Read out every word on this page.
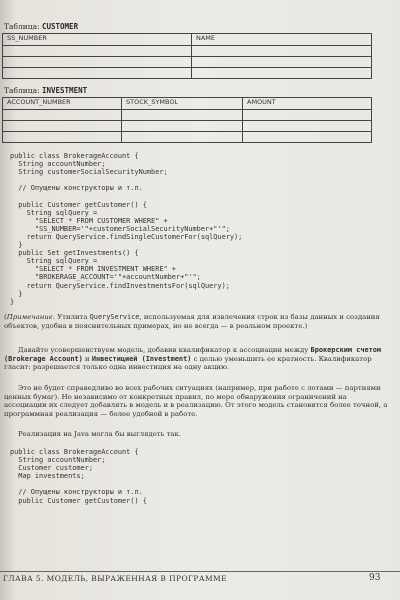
Таблица: CUSTOMER
SS_NUMBER	NAME

Таблица: INVESTMENT
ACCOUNT_NUMBER	STOCK_SYMBOL	AMOUNT

public class BrokerageAccount {
String accountNumber;
String customerSocialSecurityNumber;

// Опущены конструкторы и т.п.

public Customer getCustomer() {
String sqlQuery =
"SELECT * FROM CUSTOMER WHERE" +
"SS_NUMBER='"+customerSocialSecurityNumber+"'";
return QueryService.findSingleCustomerFor(sqlQuery);
}
public Set getInvestments() {
String sqlQuery =
"SELECT * FROM INVESTMENT WHERE" +
"BROKERAGE_ACCOUNT='"+accountNumber+"'";
return QueryService.findInvestmentsFor(sqlQuery);
}
}

(Примечание. Утилита QueryService, используемая для извлечения строк из базы данных и создания объектов, удобна в пояснительных примерах, но не всегда — в реальном проекте.)

Давайте усовершенствуем модель, добавив квалификатор к ассоциации между Брокерским счетом (Brokerage Account) и Инвестицией (Investment) с целью уменьшить ее кратность. Квалификатор гласит: разрешается только одна инвестиция на одну акцию.

Это не будет справедливо во всех рабочих ситуациях (например, при работе с лотами — партиями ценных бумаг). Но независимо от конкретных правил, по мере обнаружения ограничений на ассоциации их следует добавлять в модель и в реализацию. От этого модель становится более точной, а программная реализация — более удобной в работе.

Реализация на Java могла бы выглядеть так.

public class BrokerageAccount {
String accountNumber;
Customer customer;
Map investments;

// Опущены конструкторы и т.п.
public Customer getCustomer() {
ГЛАВА 5. МОДЕЛЬ, ВЫРАЖЕННАЯ В ПРОГРАММЕ	93
